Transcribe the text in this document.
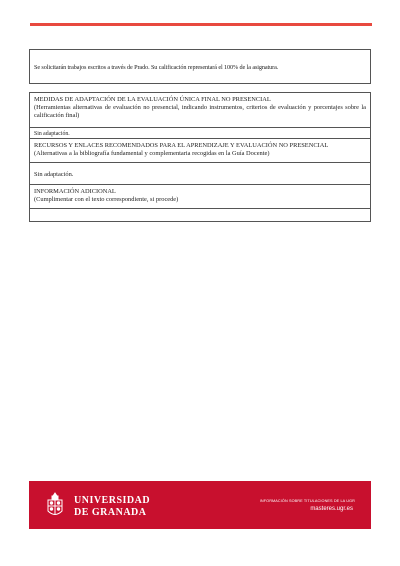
Se solicitarán trabajos escritos a través de Prado. Su calificación representará el 100% de la asignatura.
MEDIDAS DE ADAPTACIÓN DE LA EVALUACIÓN ÚNICA FINAL NO PRESENCIAL
(Herramientas alternativas de evaluación no presencial, indicando instrumentos, criterios de evaluación y porcentajes sobre la calificación final)
Sin adaptación.
RECURSOS Y ENLACES RECOMENDADOS PARA EL APRENDIZAJE Y EVALUACIÓN NO PRESENCIAL
(Alternativas a la bibliografía fundamental y complementaria recogidas en la Guía Docente)
Sin adaptación.
INFORMACIÓN ADICIONAL
(Cumplimentar con el texto correspondiente, si procede)
UNIVERSIDAD
DE GRANADA
INFORMACIÓN SOBRE TITULACIONES DE LA UGR
masteres.ugr.es
